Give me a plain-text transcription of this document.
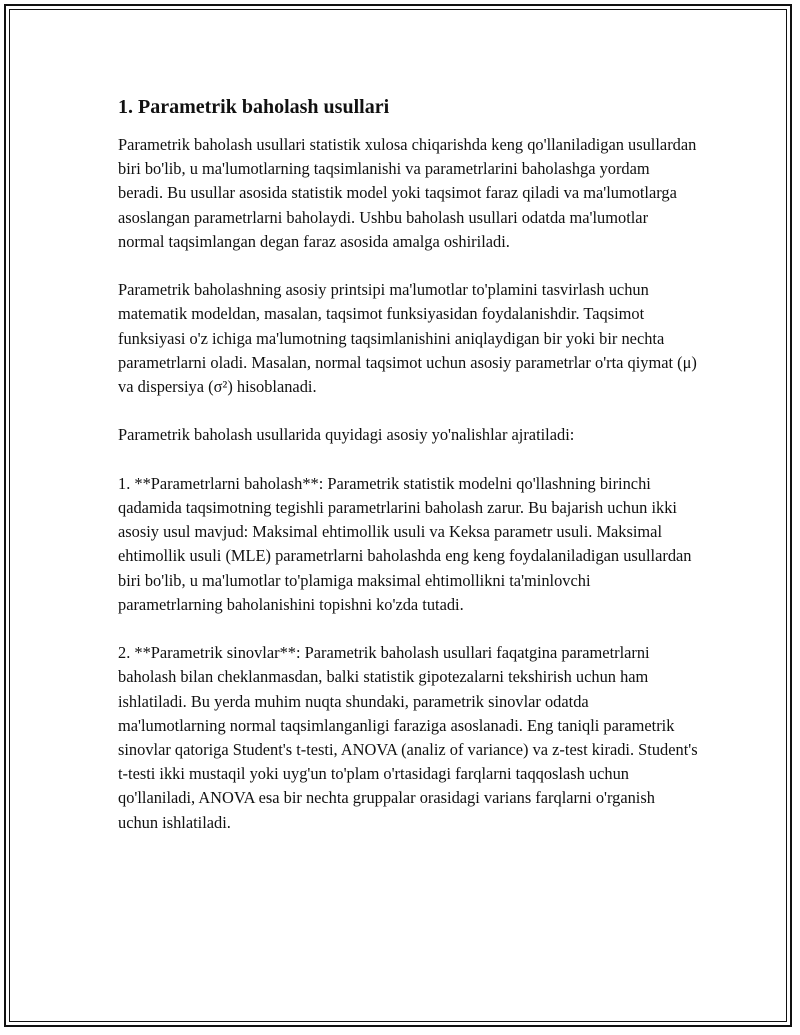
1. Parametrik baholash usullari

Parametrik baholash usullari statistik xulosa chiqarishda keng qo'llaniladigan usullardan biri bo'lib, u ma'lumotlarning taqsimlanishi va parametrlarini baholashga yordam beradi. Bu usullar asosida statistik model yoki taqsimot faraz qiladi va ma'lumotlarga asoslangan parametrlarni baholaydi. Ushbu baholash usullari odatda ma'lumotlar normal taqsimlangan degan faraz asosida amalga oshiriladi.

Parametrik baholashning asosiy printsipi ma'lumotlar to'plamini tasvirlash uchun matematik modeldan, masalan, taqsimot funksiyasidan foydalanishdir. Taqsimot funksiyasi o'z ichiga ma'lumotning taqsimlanishini aniqlaydigan bir yoki bir nechta parametrlarni oladi. Masalan, normal taqsimot uchun asosiy parametrlar o'rta qiymat (μ) va dispersiya (σ²) hisoblanadi.

Parametrik baholash usullarida quyidagi asosiy yo'nalishlar ajratiladi:

1. **Parametrlarni baholash**: Parametrik statistik modelni qo'llashning birinchi qadamida taqsimotning tegishli parametrlarini baholash zarur. Bu bajarish uchun ikki asosiy usul mavjud: Maksimal ehtimollik usuli va Keksa parametr usuli. Maksimal ehtimollik usuli (MLE) parametrlarni baholashda eng keng foydalaniladigan usullardan biri bo'lib, u ma'lumotlar to'plamiga maksimal ehtimollikni ta'minlovchi parametrlarning baholanishini topishni ko'zda tutadi.

2. **Parametrik sinovlar**: Parametrik baholash usullari faqatgina parametrlarni baholash bilan cheklanmasdan, balki statistik gipotezalarni tekshirish uchun ham ishlatiladi. Bu yerda muhim nuqta shundaki, parametrik sinovlar odatda ma'lumotlarning normal taqsimlanganligi faraziga asoslanadi. Eng taniqli parametrik sinovlar qatoriga Student's t-testi, ANOVA (analiz of variance) va z-test kiradi. Student's t-testi ikki mustaqil yoki uyg'un to'plam o'rtasidagi farqlarni taqqoslash uchun qo'llaniladi, ANOVA esa bir nechta gruppalar orasidagi varians farqlarni o'rganish uchun ishlatiladi.
